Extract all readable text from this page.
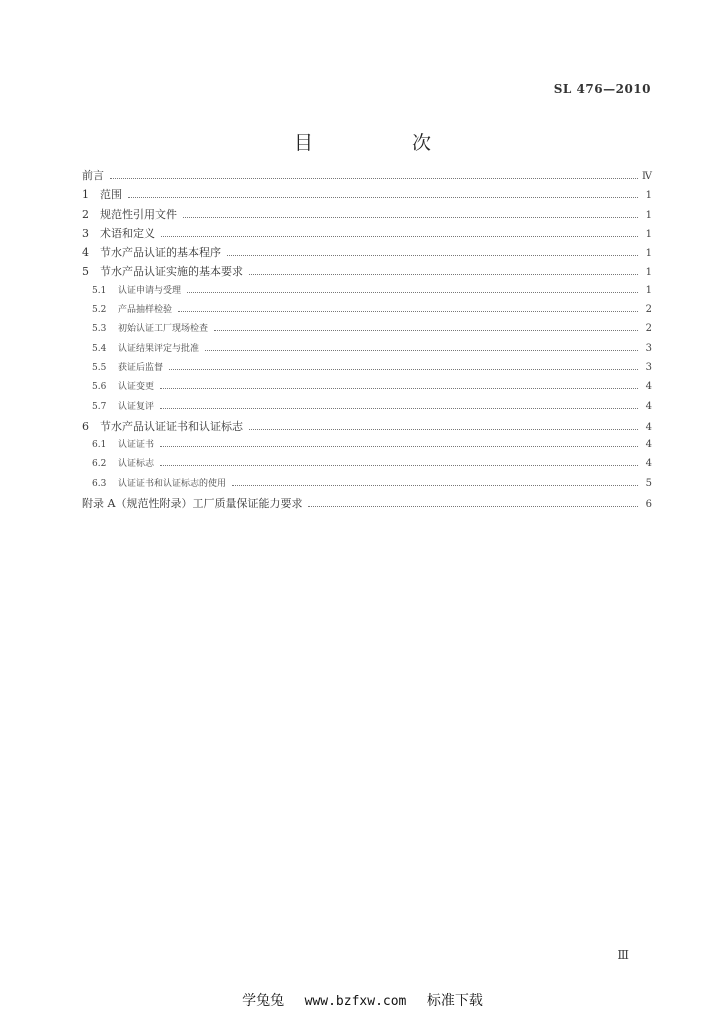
SL 476—2010
目　次
前言	Ⅳ
1 范围	1
2 规范性引用文件	1
3 术语和定义	1
4 节水产品认证的基本程序	1
5 节水产品认证实施的基本要求	1
5.1 认证申请与受理	1
5.2 产品抽样检验	2
5.3 初始认证工厂现场检查	2
5.4 认证结果评定与批准	3
5.5 获证后监督	3
5.6 认证变更	4
5.7 认证复评	4
6 节水产品认证证书和认证标志	4
6.1 认证证书	4
6.2 认证标志	4
6.3 认证证书和认证标志的使用	5
附录 A（规范性附录）工厂质量保证能力要求	6
Ⅲ
学兔兔 www.bzfxw.com 标准下载
